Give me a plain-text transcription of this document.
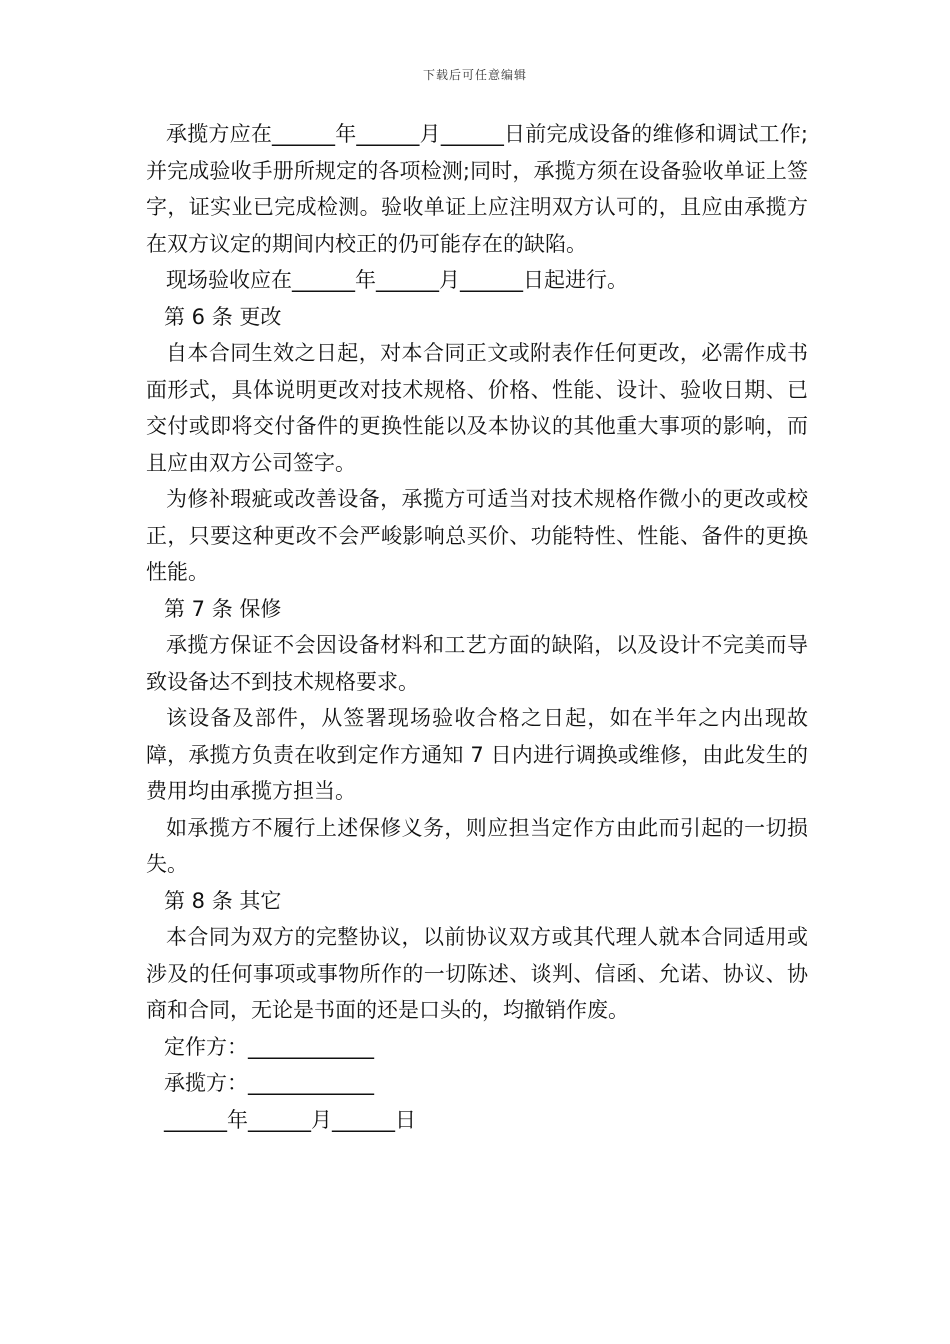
下载后可任意编辑

承揽方应在______年______月______日前完成设备的维修和调试工作;并完成验收手册所规定的各项检测;同时，承揽方须在设备验收单证上签字，证实业已完成检测。验收单证上应注明双方认可的，且应由承揽方在双方议定的期间内校正的仍可能存在的缺陷。

现场验收应在______年______月______日起进行。

第 6 条 更改

自本合同生效之日起，对本合同正文或附表作任何更改，必需作成书面形式，具体说明更改对技术规格、价格、性能、设计、验收日期、已交付或即将交付备件的更换性能以及本协议的其他重大事项的影响，而且应由双方公司签字。

为修补瑕疵或改善设备，承揽方可适当对技术规格作微小的更改或校正，只要这种更改不会严峻影响总买价、功能特性、性能、备件的更换性能。

第 7 条 保修

承揽方保证不会因设备材料和工艺方面的缺陷，以及设计不完美而导致设备达不到技术规格要求。

该设备及部件，从签署现场验收合格之日起，如在半年之内出现故障，承揽方负责在收到定作方通知 7 日内进行调换或维修，由此发生的费用均由承揽方担当。

如承揽方不履行上述保修义务，则应担当定作方由此而引起的一切损失。

第 8 条 其它

本合同为双方的完整协议，以前协议双方或其代理人就本合同适用或涉及的任何事项或事物所作的一切陈述、谈判、信函、允诺、协议、协商和合同，无论是书面的还是口头的，均撤销作废。

定作方：____________

承揽方：____________

______年______月______日
